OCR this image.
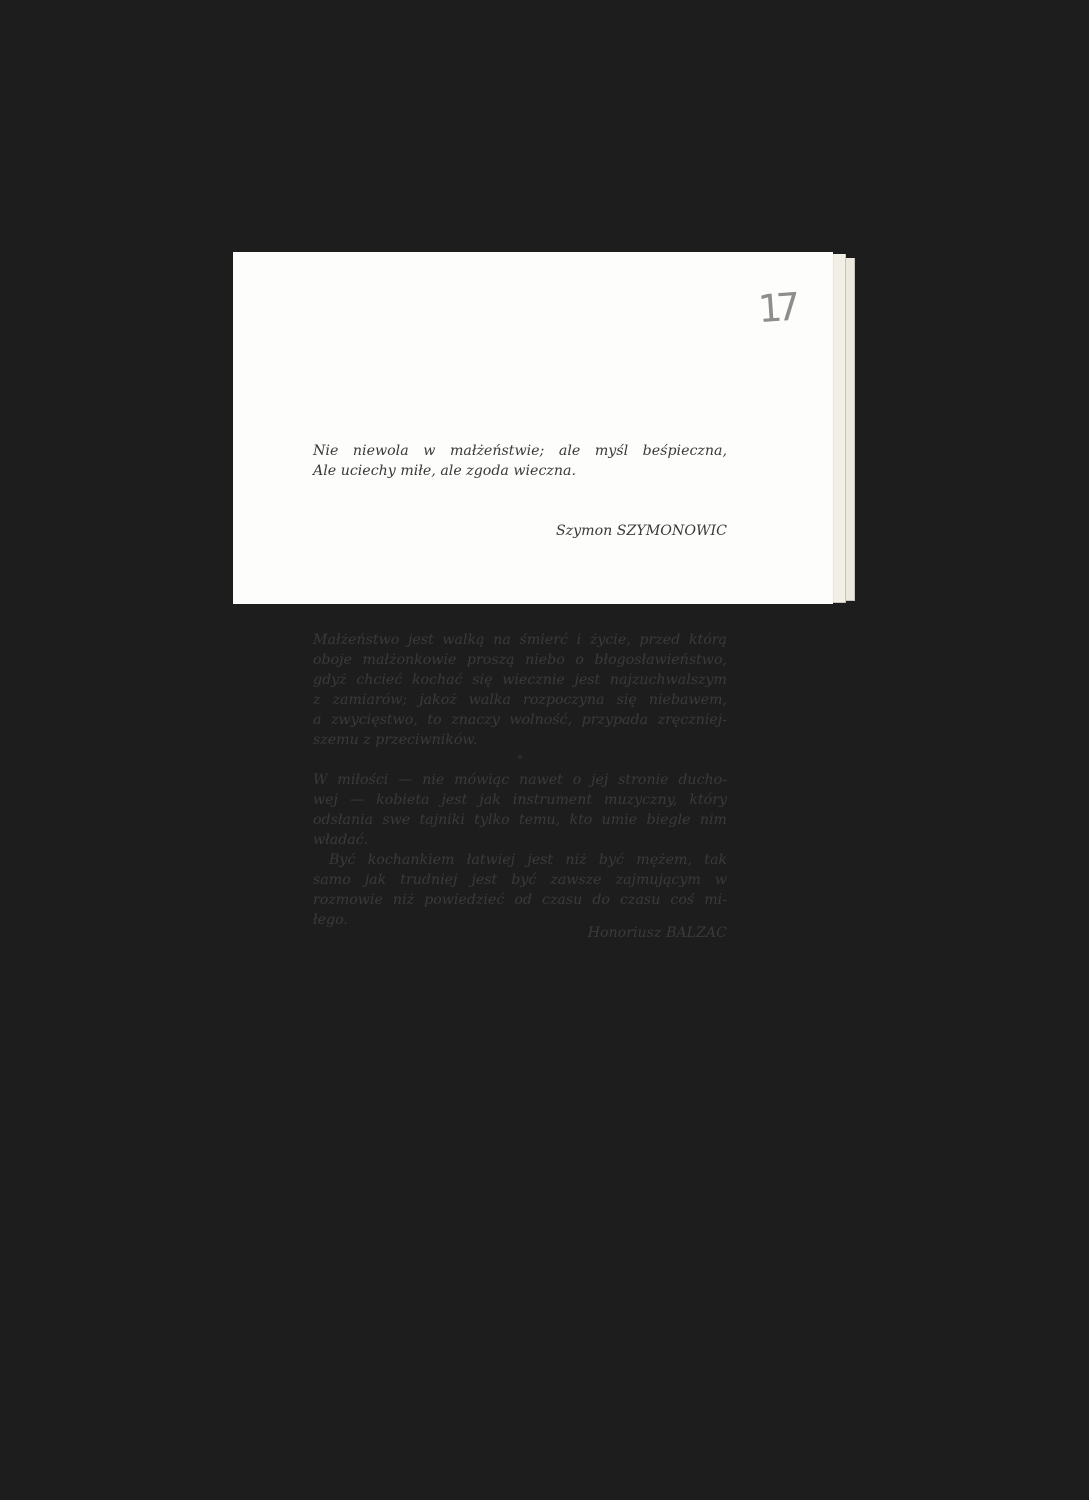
17
Nie niewola w małżeństwie; ale myśl beśpieczna,
Ale uciechy miłe, ale zgoda wieczna.
Szymon SZYMONOWIC

Małżeństwo jest walką na śmierć i życie, przed którą
oboje małżonkowie proszą niebo o błogosławieństwo,
gdyż chcieć kochać się wiecznie jest najzuchwalszym
z zamiarów; jakoż walka rozpoczyna się niebawem,
a zwycięstwo, to znaczy wolność, przypada zręczniej-
szemu z przeciwników.

*

W miłości — nie mówiąc nawet o jej stronie ducho-
wej — kobieta jest jak instrument muzyczny, który
odsłania swe tajniki tylko temu, kto umie biegle nim
władać.

Być kochankiem łatwiej jest niż być mężem, tak
samo jak trudniej jest być zawsze zajmującym w
rozmowie niż powiedzieć od czasu do czasu coś mi-
łego.

Honoriusz BALZAC
